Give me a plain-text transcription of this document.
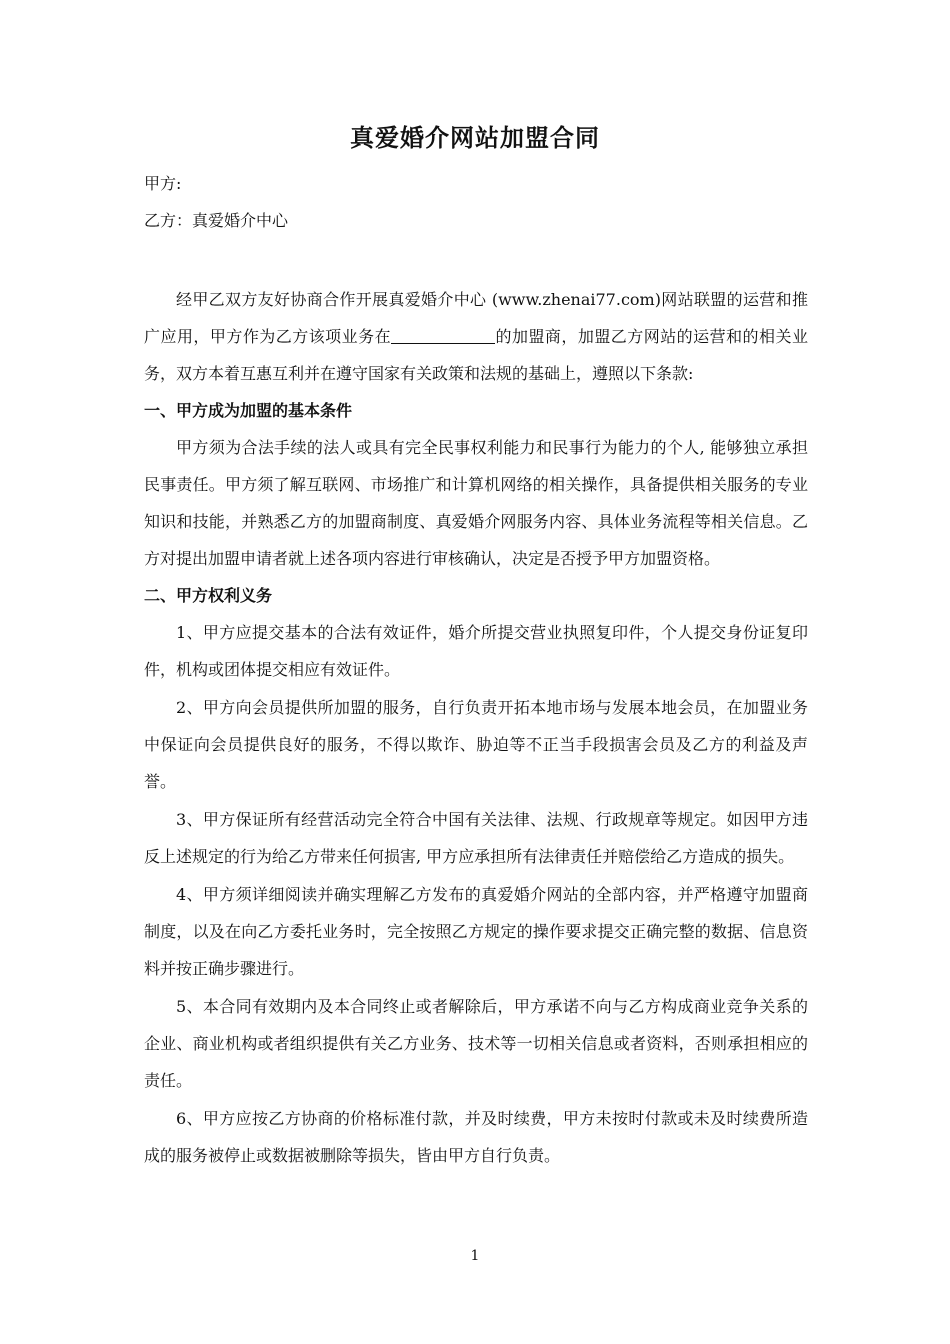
真爱婚介网站加盟合同
甲方:
乙方：真爱婚介中心

经甲乙双方友好协商合作开展真爱婚介中心 (www.zhenai77.com)网站联盟的运营和推广应用，甲方作为乙方该项业务在	的加盟商，加盟乙方网站的运营和的相关业务，双方本着互惠互利并在遵守国家有关政策和法规的基础上，遵照以下条款:

一、甲方成为加盟的基本条件

甲方须为合法手续的法人或具有完全民事权利能力和民事行为能力的个人, 能够独立承担民事责任。甲方须了解互联网、市场推广和计算机网络的相关操作，具备提供相关服务的专业知识和技能，并熟悉乙方的加盟商制度、真爱婚介网服务内容、具体业务流程等相关信息。乙方对提出加盟申请者就上述各项内容进行审核确认，决定是否授予甲方加盟资格。

二、甲方权利义务

1、甲方应提交基本的合法有效证件，婚介所提交营业执照复印件，个人提交身份证复印件，机构或团体提交相应有效证件。

2、甲方向会员提供所加盟的服务，自行负责开拓本地市场与发展本地会员，在加盟业务中保证向会员提供良好的服务，不得以欺诈、胁迫等不正当手段损害会员及乙方的利益及声誉。

3、甲方保证所有经营活动完全符合中国有关法律、法规、行政规章等规定。如因甲方违反上述规定的行为给乙方带来任何损害, 甲方应承担所有法律责任并赔偿给乙方造成的损失。

4、甲方须详细阅读并确实理解乙方发布的真爱婚介网站的全部内容，并严格遵守加盟商制度，以及在向乙方委托业务时，完全按照乙方规定的操作要求提交正确完整的数据、信息资料并按正确步骤进行。

5、本合同有效期内及本合同终止或者解除后，甲方承诺不向与乙方构成商业竞争关系的企业、商业机构或者组织提供有关乙方业务、技术等一切相关信息或者资料，否则承担相应的责任。

6、甲方应按乙方协商的价格标准付款，并及时续费，甲方未按时付款或未及时续费所造成的服务被停止或数据被删除等损失，皆由甲方自行负责。

1
